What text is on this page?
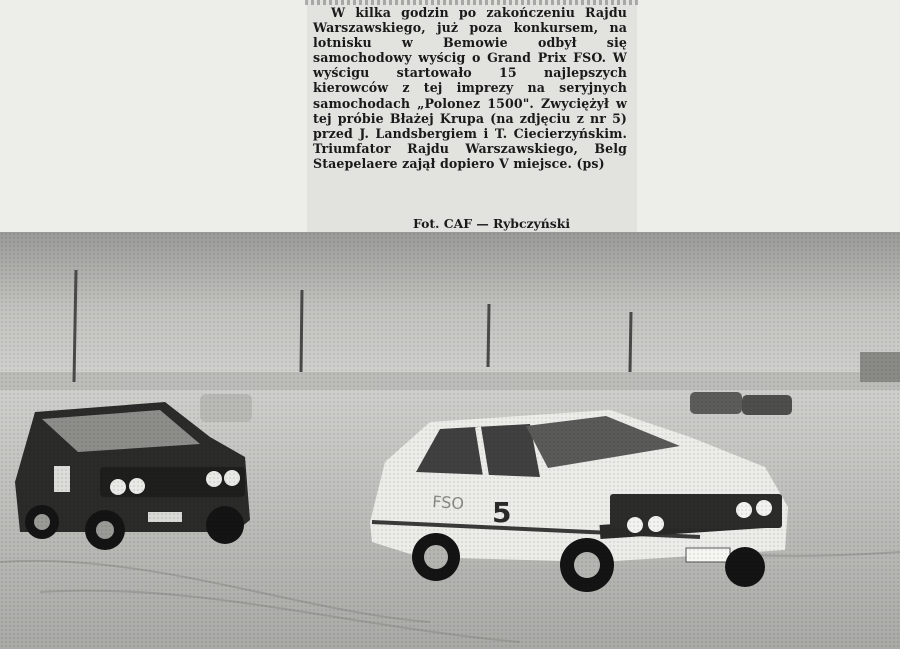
W kilka godzin po zakończeniu Rajdu Warszawskiego, już poza konkursem, na lotnisku w Bemowie odbył się samochodowy wyścig o Grand Prix FSO. W wyścigu startowało 15 najlepszych kierowców z tej imprezy na seryjnych samochodach „Polonez 1500". Zwyciężył w tej próbie Błażej Krupa (na zdjęciu z nr 5) przed J. Landsbergiem i T. Ciecierzyńskim. Triumfator Rajdu Warszawskiego, Belg Staepelaere zajął dopiero V miejsce. (ps)

Fot. CAF — Rybczyński
